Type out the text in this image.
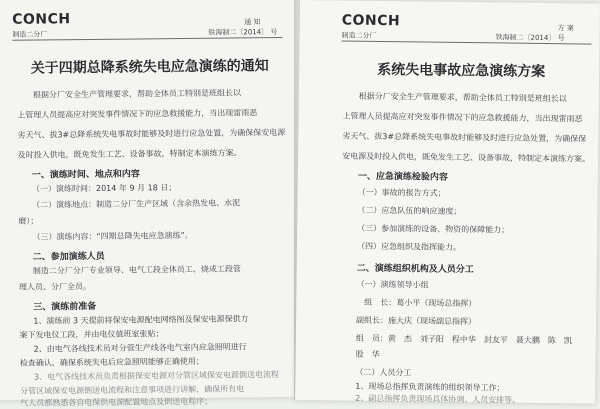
CONCH
制造二分厂
通 知
铁海制二〔2014〕 号
关于四期总降系统失电应急演练的通知
根据分厂安全生产管理要求，帮助全体员工特别是班组长以
上管理人员提高应对突发事件情况下的应急救援能力，当出现雷雨恶
劣天气、拔3#总降系统失电事故时能够及时进行应急处置，为确保保安电源
及时投入供电，既免发生工艺、设备事故，特制定本演练方案。
一、演练时间、地点和内容
（一）演练时间：2014 年 9 月 18 日；
（二）演练地点：制造二分厂生产区域（含余热发电、水泥
磨）；
（三）演练内容：“四期总降失电应急演练”。
二、参加演练人员
制造二分厂分厂专业领导、电气工段全体员工、烧成工段管
理人员、分厂全员。
三、演练前准备
1、演练前 3 天提前将保安电源配电网络图及保安电源保供方
案下发电仪工段，并由电仪值班室张贴；
2、由电气各线技术员对分管生产线各电气室内应急照明进行
检查确认，确保系统失电后应急照明能够正确使用；
3、电气各线技术员负责根据保安电源对分管区域保安电源倒送电流程
分管区域保安电源倒送电流程和注意事项进行讲解，确保所有电
气人员都熟悉各自电保供电源配置地点及倒送电程序；
CONCH
制造二分厂
方 案
铁海制二〔2014〕 号
系统失电事故应急演练方案
根据分厂安全生产管理要求，帮助全体员工特别是班组长以
上管理人员提高应对突发事件情况下的应急救援能力，当出现雷雨恶
劣天气、拔3#总降系统失电事故时能够及时进行应急处置，为确保保
安电源及时投入供电，既免发生工艺、设备事故，特制定本演练方案。
一、应急演练检验内容
（一）事故的报告方式；
（二）应急队伍的响应速度；
（三）参加演练的设备、物资的保障能力；
（四）应急组织及指挥能力。
二、演练组织机构及人员分工
（一）演练领导小组
组　长：葛小平（现场总指挥）
副组长：施大庆（现场副总指挥）
组　员：黄　杰　刘子阳　程中华　封友平　聂大鹏　陈　凯
股　华
（二）人员分工
1、现场总指挥负责演练的组织领导工作；
2、副总指挥负责现场具体协调、人员安排等。
